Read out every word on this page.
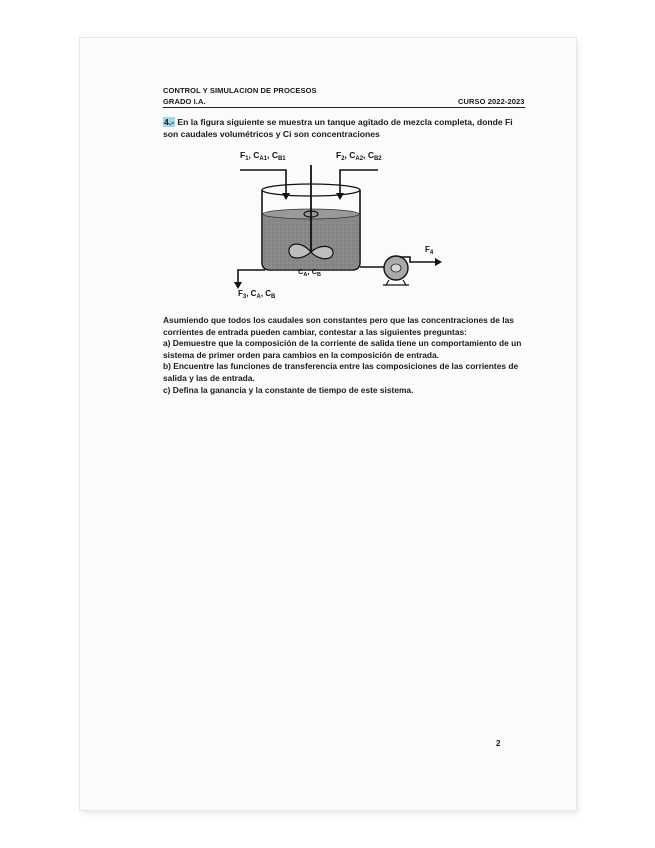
CONTROL Y SIMULACION DE PROCESOS
GRADO I.A.	CURSO 2022-2023
4.- En la figura siguiente se muestra un tanque agitado de mezcla completa, donde Fi son caudales volumétricos y Ci son concentraciones
$F_1$, $C_{A1}$, $C_{B1}$	$F_2$, $C_{A2}$, $C_{B2}$
$C_A$, $C_B$
$F_4$
$F_3$, $C_A$, $C_B$

Asumiendo que todos los caudales son constantes pero que las concentraciones de las corrientes de entrada pueden cambiar, contestar a las siguientes preguntas:

a) Demuestre que la composición de la corriente de salida tiene un comportamiento de un sistema de primer orden para cambios en la composición de entrada.

b) Encuentre las funciones de transferencia entre las composiciones de las corrientes de salida y las de entrada.

c) Defina la ganancia y la constante de tiempo de este sistema.

2
